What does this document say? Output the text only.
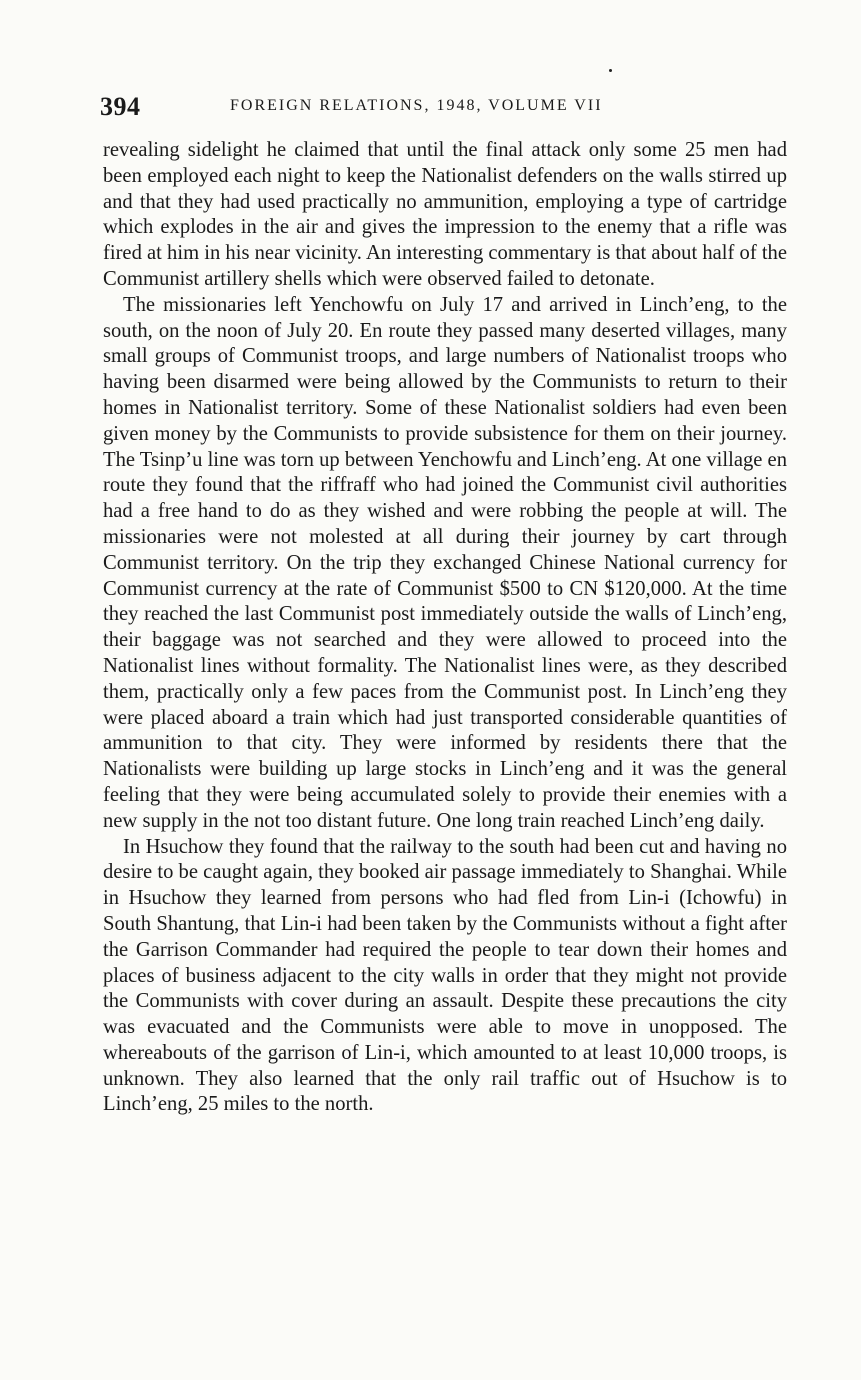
394	FOREIGN RELATIONS, 1948, VOLUME VII

revealing sidelight he claimed that until the final attack only some 25 men had been employed each night to keep the Nationalist defenders on the walls stirred up and that they had used practically no ammunition, employing a type of cartridge which explodes in the air and gives the impression to the enemy that a rifle was fired at him in his near vicinity. An interesting commentary is that about half of the Communist artillery shells which were observed failed to detonate.

The missionaries left Yenchowfu on July 17 and arrived in Linch’eng, to the south, on the noon of July 20. En route they passed many deserted villages, many small groups of Communist troops, and large numbers of Nationalist troops who having been disarmed were being allowed by the Communists to return to their homes in Nationalist territory. Some of these Nationalist soldiers had even been given money by the Communists to provide subsistence for them on their journey. The Tsinp’u line was torn up between Yenchowfu and Linch’eng. At one village en route they found that the riffraff who had joined the Communist civil authorities had a free hand to do as they wished and were robbing the people at will. The missionaries were not molested at all during their journey by cart through Communist territory. On the trip they exchanged Chinese National currency for Communist currency at the rate of Communist $500 to CN $120,000. At the time they reached the last Communist post immediately outside the walls of Linch’eng, their baggage was not searched and they were allowed to proceed into the Nationalist lines without formality. The Nationalist lines were, as they described them, practically only a few paces from the Communist post. In Linch’eng they were placed aboard a train which had just transported considerable quantities of ammunition to that city. They were informed by residents there that the Nationalists were building up large stocks in Linch’eng and it was the general feeling that they were being accumulated solely to provide their enemies with a new supply in the not too distant future. One long train reached Linch’eng daily.

In Hsuchow they found that the railway to the south had been cut and having no desire to be caught again, they booked air passage immediately to Shanghai. While in Hsuchow they learned from persons who had fled from Lin-i (Ichowfu) in South Shantung, that Lin-i had been taken by the Communists without a fight after the Garrison Commander had required the people to tear down their homes and places of business adjacent to the city walls in order that they might not provide the Communists with cover during an assault. Despite these precautions the city was evacuated and the Communists were able to move in unopposed. The whereabouts of the garrison of Lin-i, which amounted to at least 10,000 troops, is unknown. They also learned that the only rail traffic out of Hsuchow is to Linch’eng, 25 miles to the north.
